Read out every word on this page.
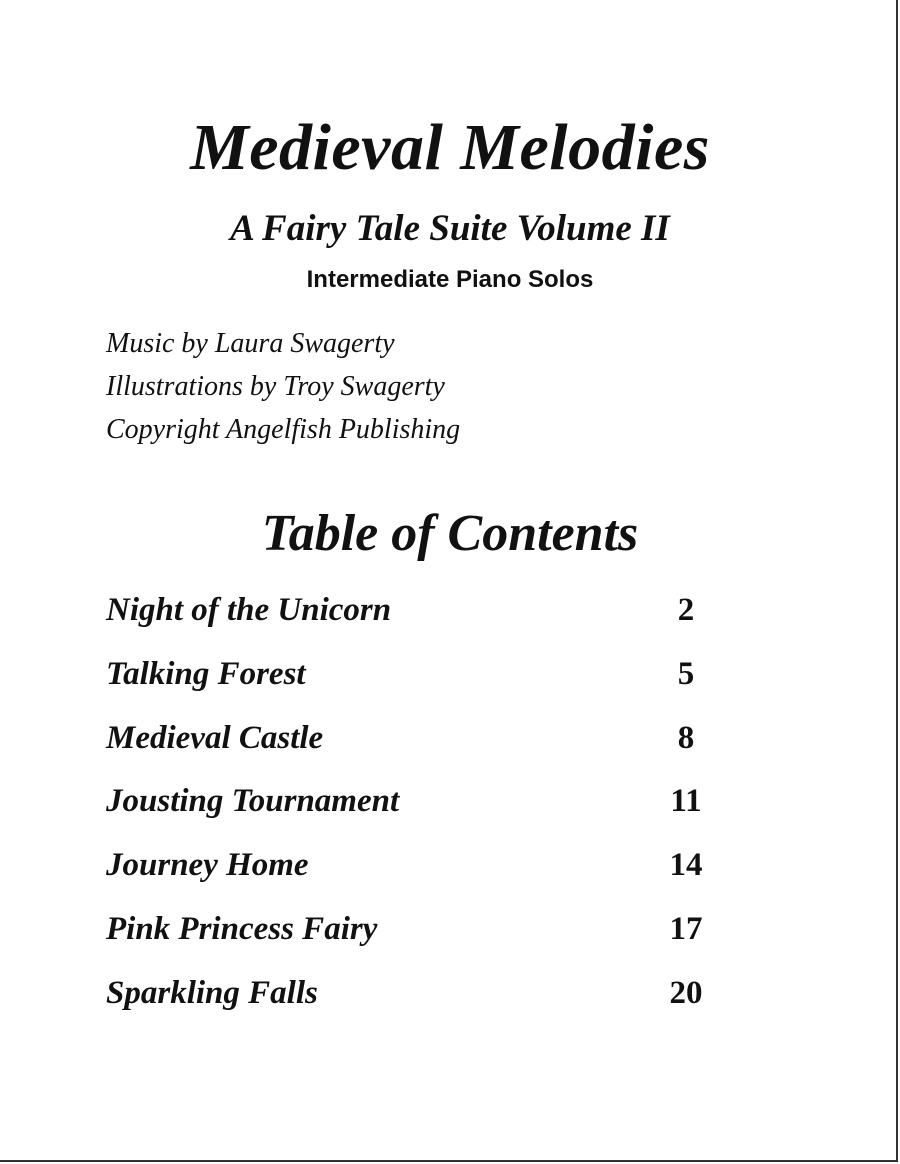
Medieval Melodies
A Fairy Tale Suite Volume II
Intermediate Piano Solos
Music by Laura Swagerty
Illustrations by Troy Swagerty
Copyright Angelfish Publishing
Table of Contents
Night of the Unicorn	2
Talking Forest	5
Medieval Castle	8
Jousting Tournament	11
Journey Home	14
Pink Princess Fairy	17
Sparkling Falls	20
